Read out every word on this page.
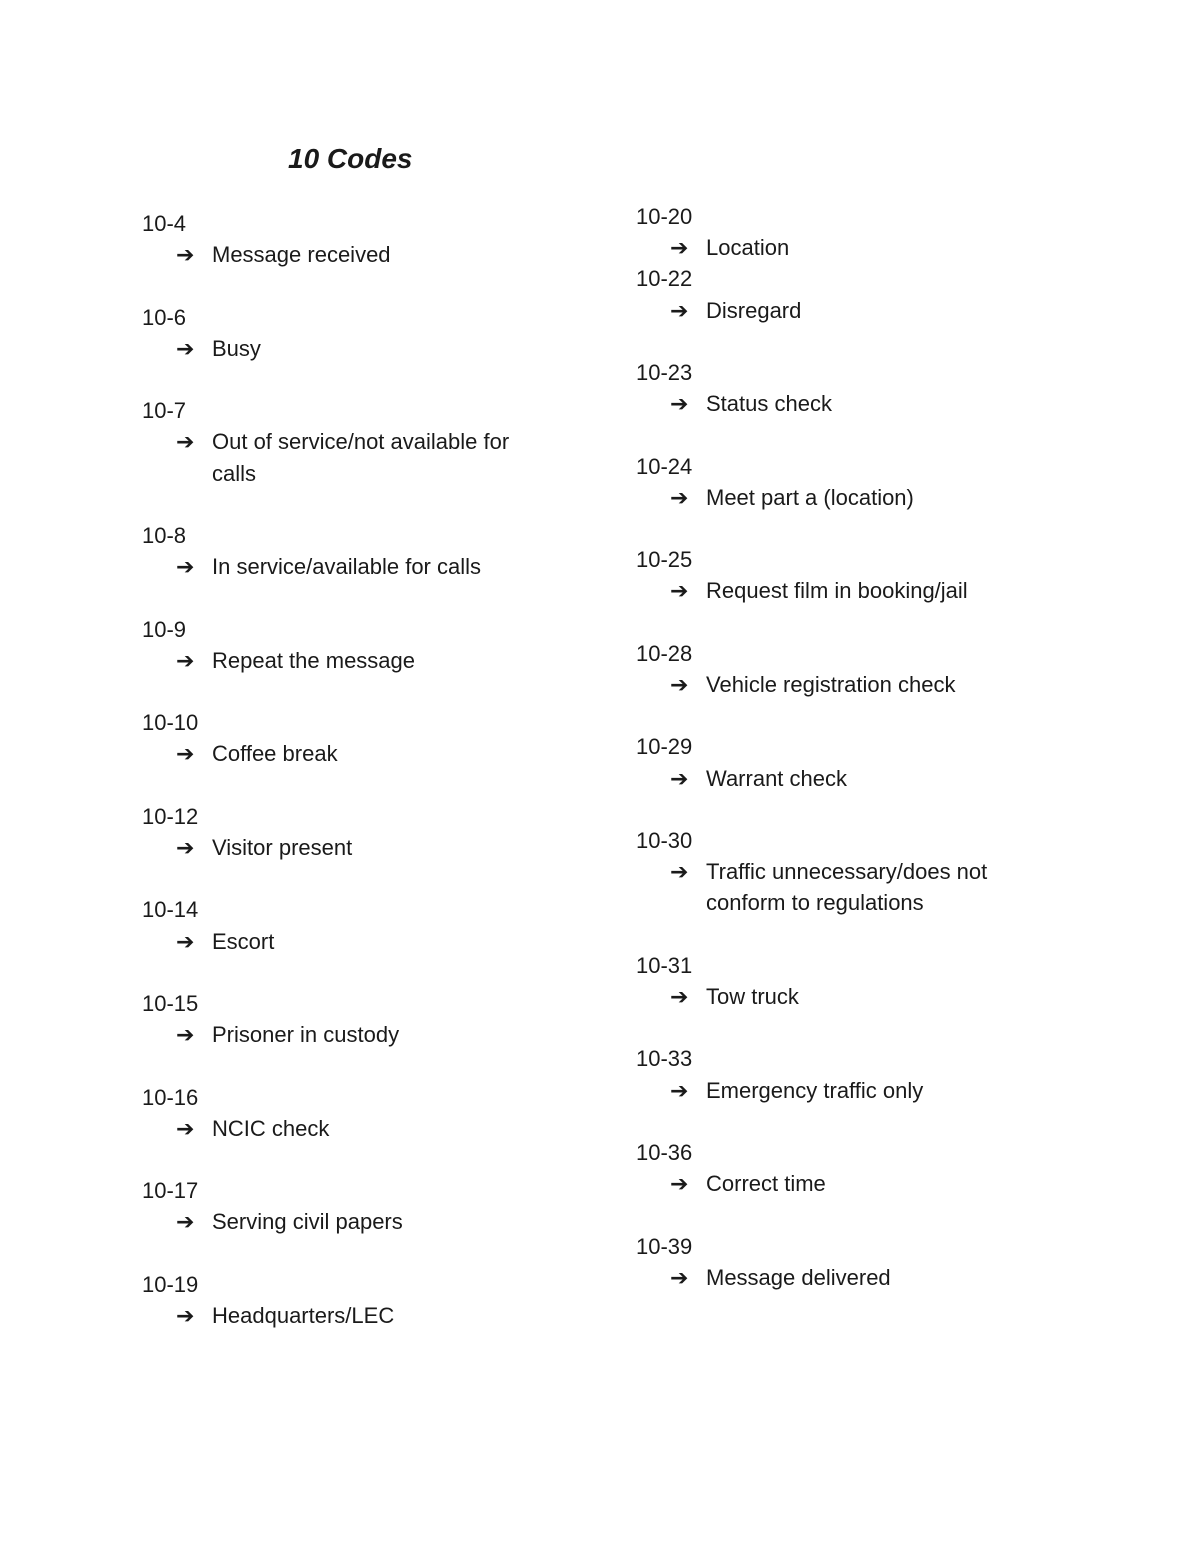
10 Codes
10-4
➔ Message received
10-6
➔ Busy
10-7
➔ Out of service/not available for calls
10-8
➔ In service/available for calls
10-9
➔ Repeat the message
10-10
➔ Coffee break
10-12
➔ Visitor present
10-14
➔ Escort
10-15
➔ Prisoner in custody
10-16
➔ NCIC check
10-17
➔ Serving civil papers
10-19
➔ Headquarters/LEC
10-20
➔ Location
10-22
➔ Disregard
10-23
➔ Status check
10-24
➔ Meet part a (location)
10-25
➔ Request film in booking/jail
10-28
➔ Vehicle registration check
10-29
➔ Warrant check
10-30
➔ Traffic unnecessary/does not conform to regulations
10-31
➔ Tow truck
10-33
➔ Emergency traffic only
10-36
➔ Correct time
10-39
➔ Message delivered
